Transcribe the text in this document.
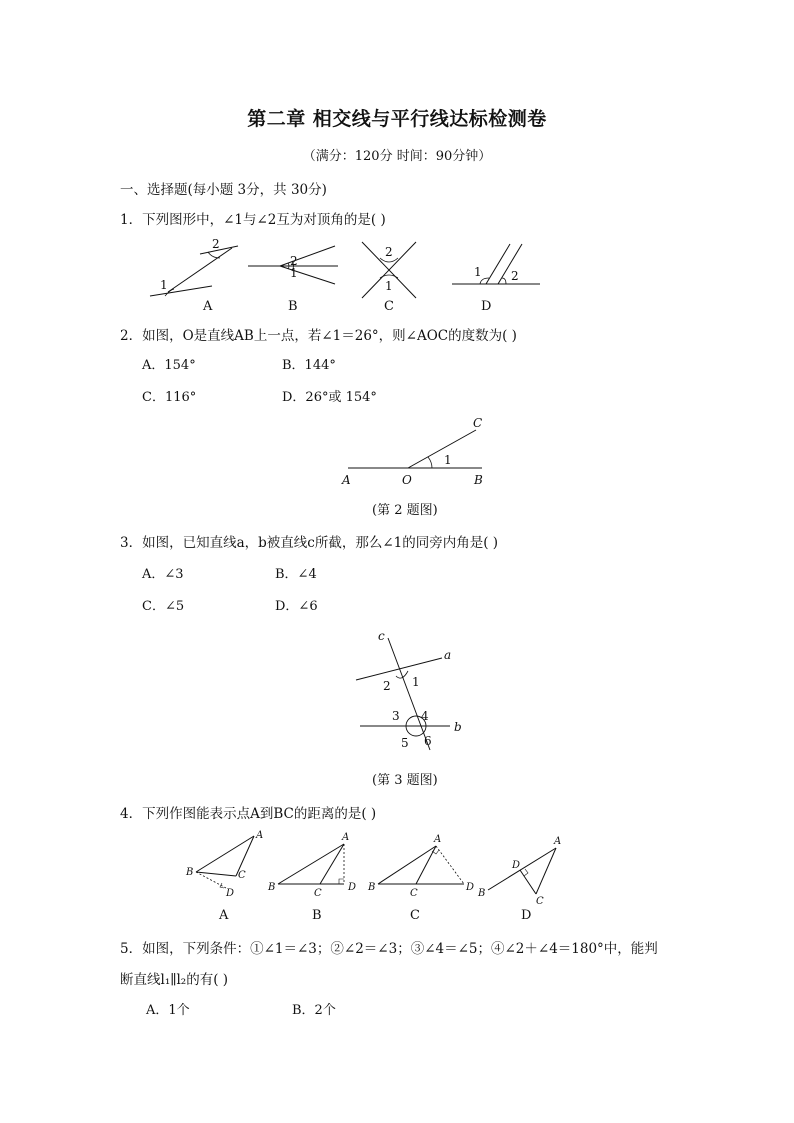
第二章 相交线与平行线达标检测卷
（满分：120分 时间：90分钟）
一、选择题(每小题 3分，共 30分)
1．下列图形中，∠1与∠2互为对顶角的是( )
1
2
2
1
2
1
1 2
A	B	C	D
2．如图，O是直线AB上一点，若∠1＝26°，则∠AOC的度数为( )
A．154°	B．144°
C．116°	D．26°或 154°
A	O	B
C
1
(第 2 题图)
3．如图，已知直线a，b被直线c所截，那么∠1的同旁内角是( )
A．∠3	B．∠4
C．∠5	D．∠6
c
a
b
1
2
3 4
5 6
(第 3 题图)
4．下列作图能表示点A到BC的距离的是( )
A
B	C
D
A
B
C
D
A
B
C
D
A
B
C
D
A	B	C	D
5．如图，下列条件：①∠1＝∠3；②∠2＝∠3；③∠4＝∠5；④∠2＋∠4＝180°中，能判
断直线l₁∥l₂的有( )
A．1个	B．2个
